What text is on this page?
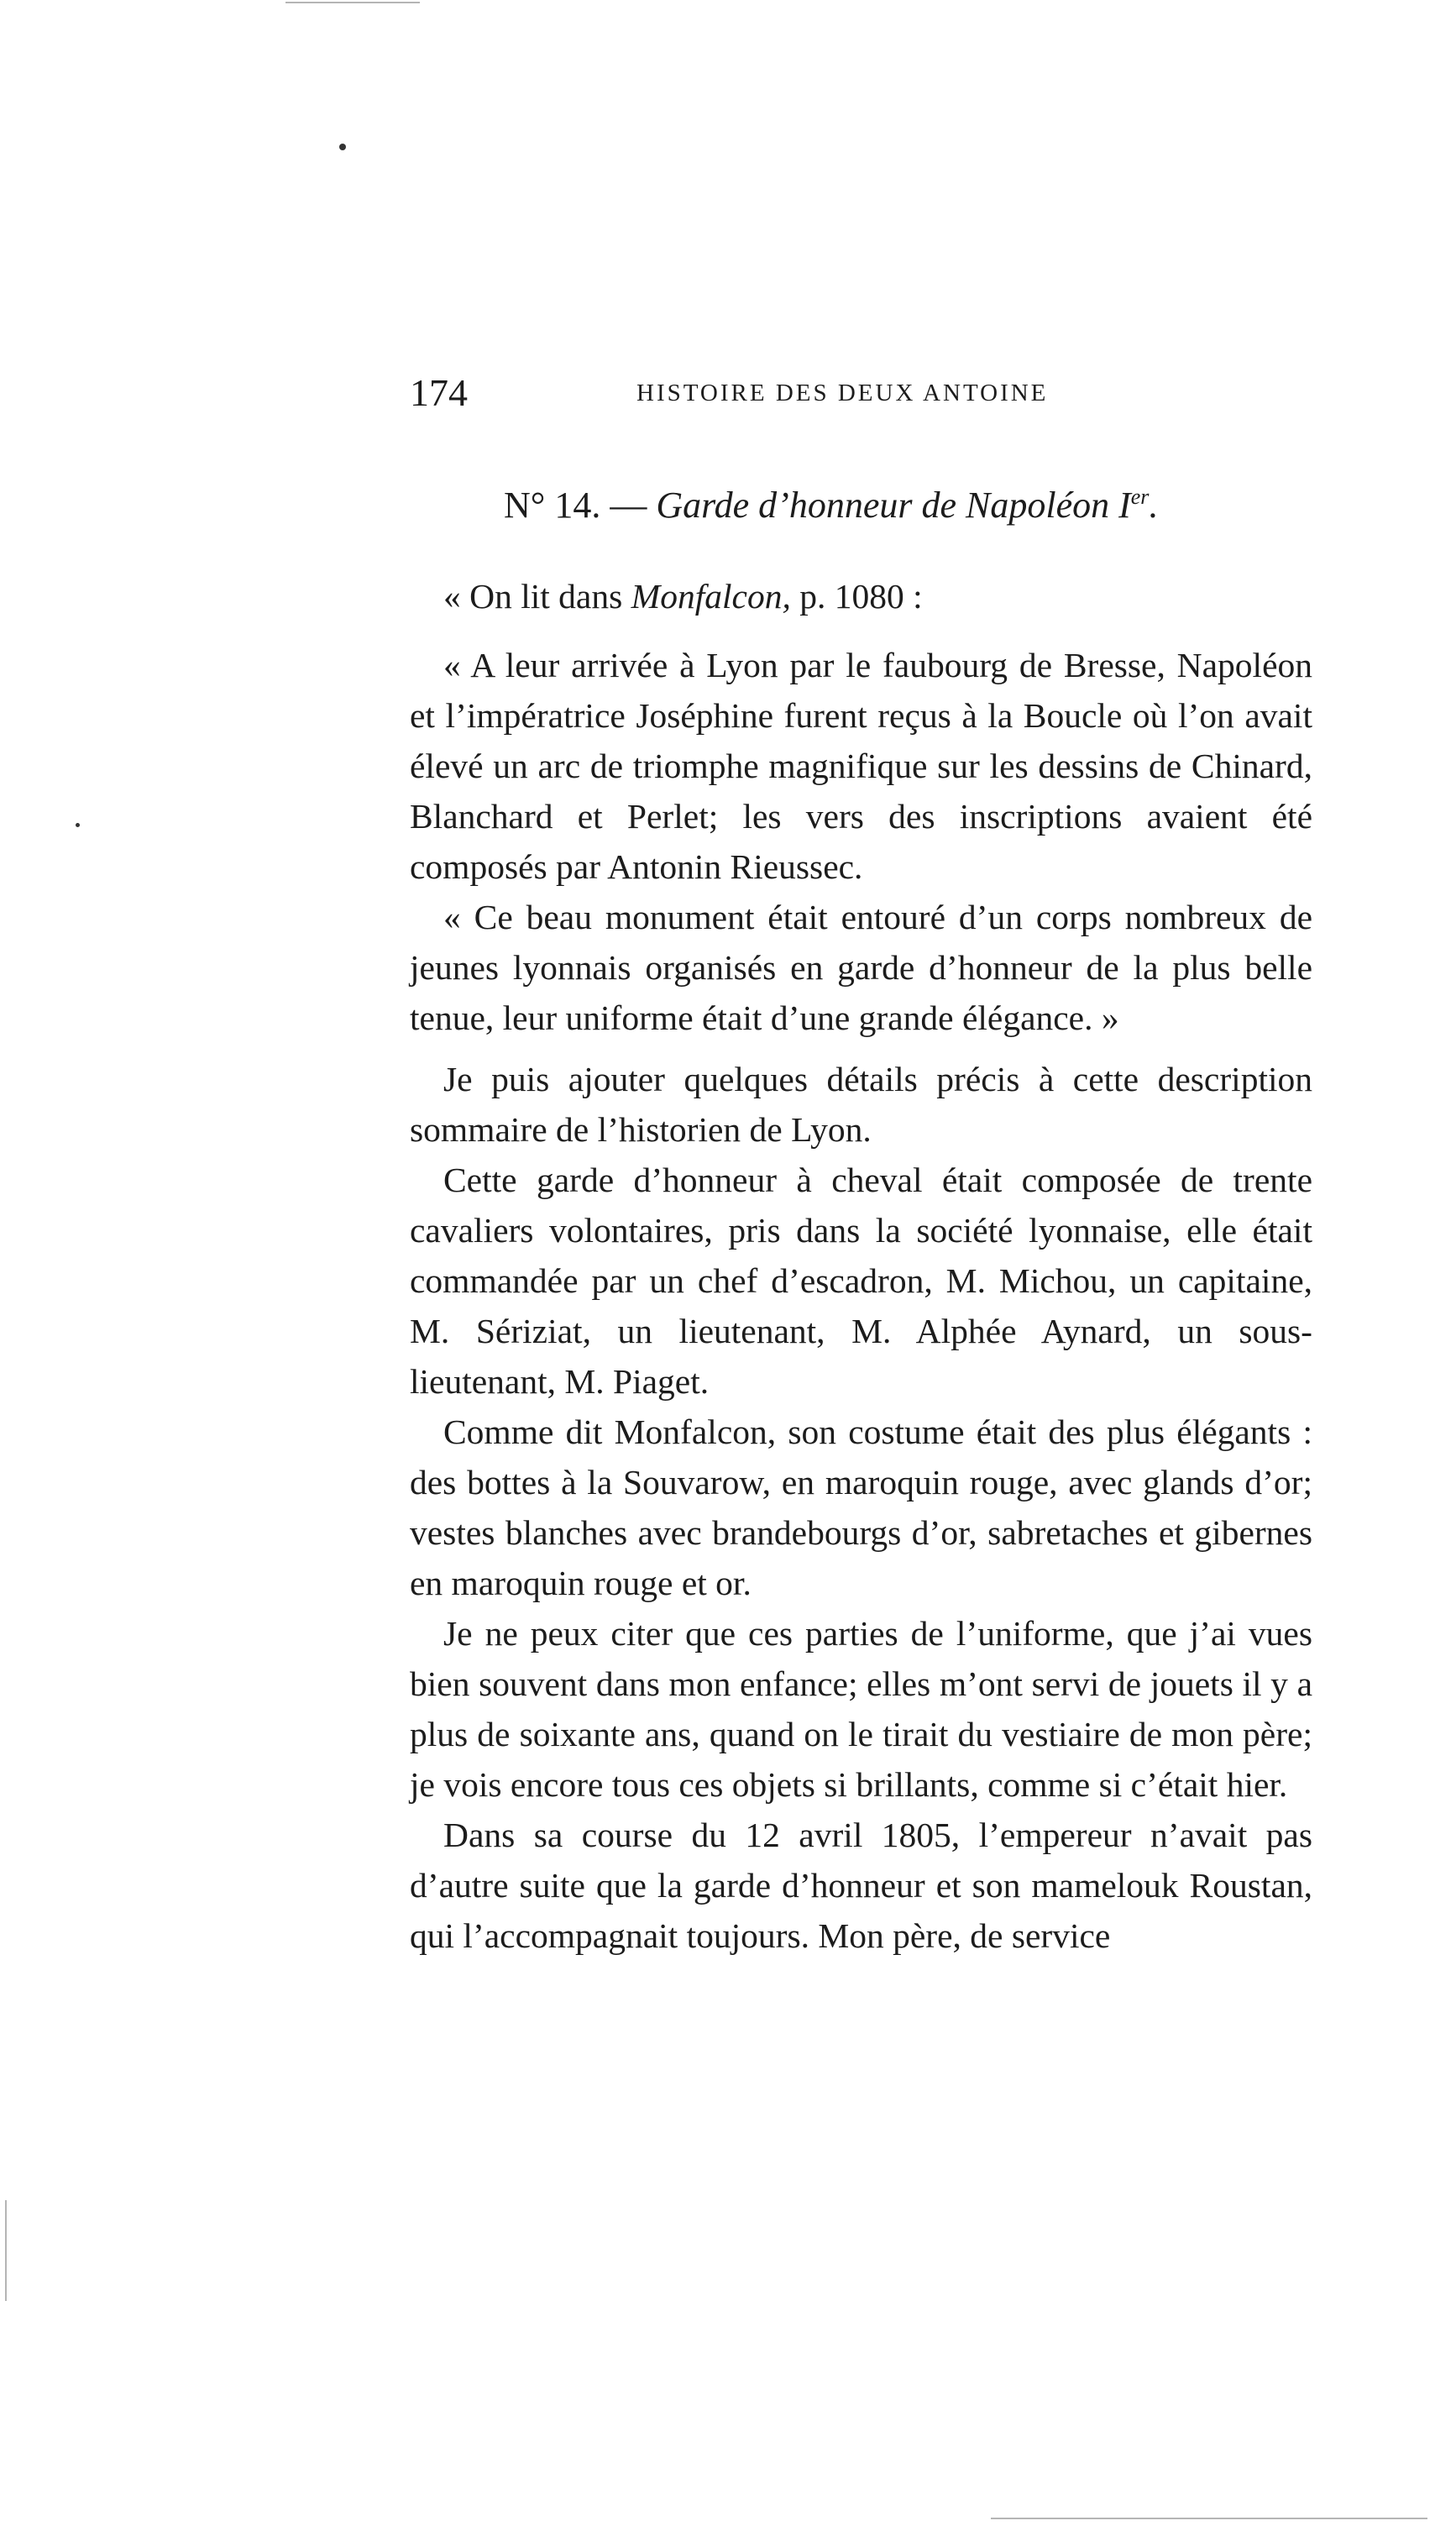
174	HISTOIRE DES DEUX ANTOINE
N° 14. — Garde d’honneur de Napoléon Ier.

« On lit dans Monfalcon, p. 1080 :

« A leur arrivée à Lyon par le faubourg de Bresse, Napoléon et l’impératrice Joséphine furent reçus à la Boucle où l’on avait élevé un arc de triomphe magnifique sur les dessins de Chinard, Blanchard et Perlet; les vers des inscriptions avaient été composés par Antonin Rieussec.

« Ce beau monument était entouré d’un corps nombreux de jeunes lyonnais organisés en garde d’honneur de la plus belle tenue, leur uniforme était d’une grande élégance. »

Je puis ajouter quelques détails précis à cette description sommaire de l’historien de Lyon.

Cette garde d’honneur à cheval était composée de trente cavaliers volontaires, pris dans la société lyonnaise, elle était commandée par un chef d’escadron, M. Michou, un capitaine, M. Sériziat, un lieutenant, M. Alphée Aynard, un sous-lieutenant, M. Piaget.

Comme dit Monfalcon, son costume était des plus élégants : des bottes à la Souvarow, en maroquin rouge, avec glands d’or; vestes blanches avec brandebourgs d’or, sabretaches et gibernes en maroquin rouge et or.

Je ne peux citer que ces parties de l’uniforme, que j’ai vues bien souvent dans mon enfance; elles m’ont servi de jouets il y a plus de soixante ans, quand on le tirait du vestiaire de mon père; je vois encore tous ces objets si brillants, comme si c’était hier.

Dans sa course du 12 avril 1805, l’empereur n’avait pas d’autre suite que la garde d’honneur et son mamelouk Roustan, qui l’accompagnait toujours. Mon père, de service
